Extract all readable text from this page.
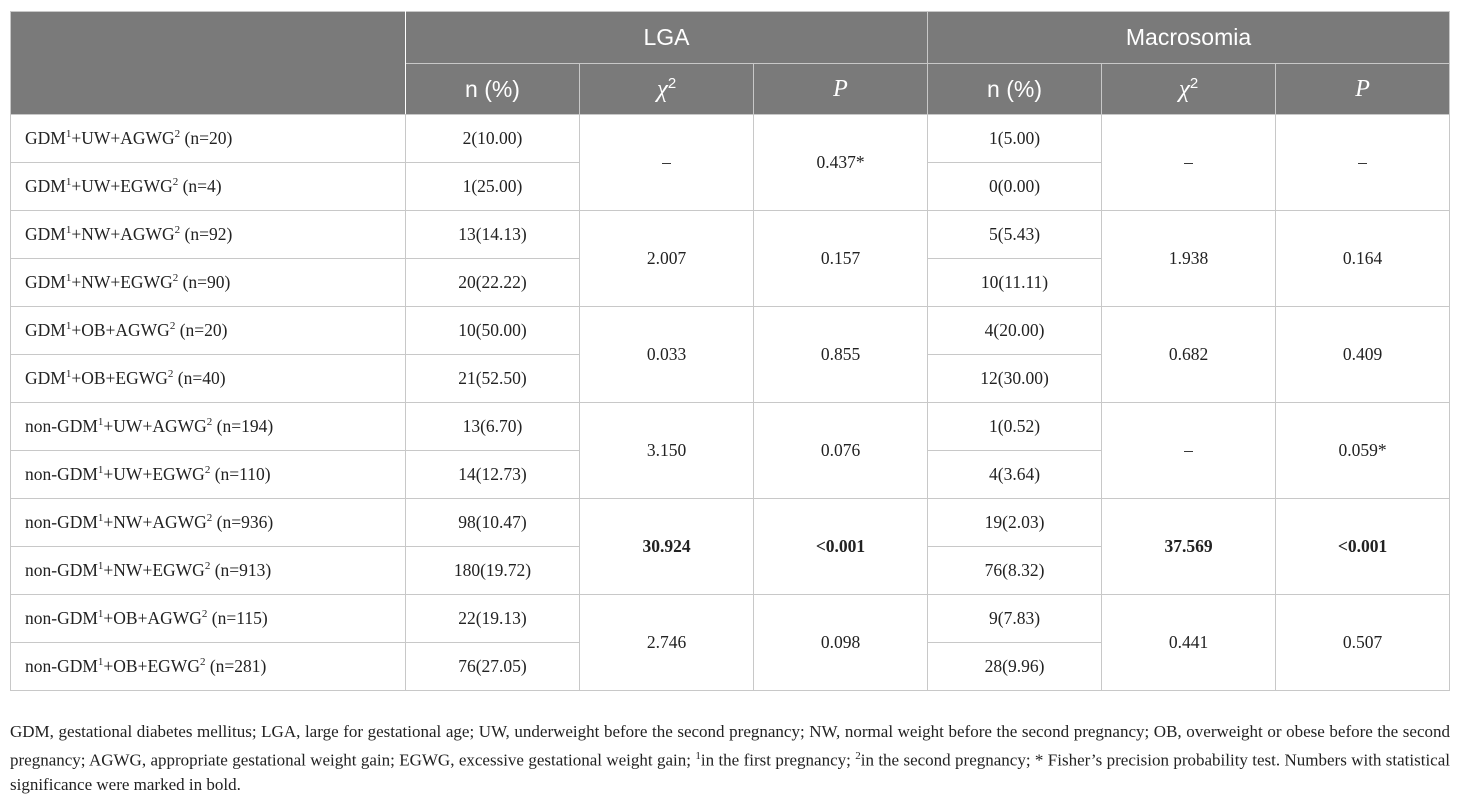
	LGA			Macrosomia		
	n (%)	$\chi^2$	P	n (%)	$\chi^2$	P
$GDM^1+UW+AGWG^2$ (n=20)	2(10.00)	–	0.437*	1(5.00)	–	–
$GDM^1+UW+EGWG^2$ (n=4)	1(25.00)			0(0.00)		
$GDM^1+NW+AGWG^2$ (n=92)	13(14.13)	2.007	0.157	5(5.43)	1.938	0.164
$GDM^1+NW+EGWG^2$ (n=90)	20(22.22)			10(11.11)		
$GDM^1+OB+AGWG^2$ (n=20)	10(50.00)	0.033	0.855	4(20.00)	0.682	0.409
$GDM^1+OB+EGWG^2$ (n=40)	21(52.50)			12(30.00)		
non-$GDM^1+UW+AGWG^2$ (n=194)	13(6.70)	3.150	0.076	1(0.52)	–	0.059*
non-$GDM^1+UW+EGWG^2$ (n=110)	14(12.73)			4(3.64)		
non-$GDM^1+NW+AGWG^2$ (n=936)	98(10.47)	30.924	<0.001	19(2.03)	37.569	<0.001
non-$GDM^1+NW+EGWG^2$ (n=913)	180(19.72)			76(8.32)		
non-$GDM^1+OB+AGWG^2$ (n=115)	22(19.13)	2.746	0.098	9(7.83)	0.441	0.507
non-$GDM^1+OB+EGWG^2$ (n=281)	76(27.05)			28(9.96)		
GDM, gestational diabetes mellitus; LGA, large for gestational age; UW, underweight before the second pregnancy; NW, normal weight before the second pregnancy; OB, overweight or obese before the second pregnancy; AGWG, appropriate gestational weight gain; EGWG, excessive gestational weight gain; $^1$in the first pregnancy; $^2$in the second pregnancy; * Fisher’s precision probability test. Numbers with statistical significance were marked in bold.
